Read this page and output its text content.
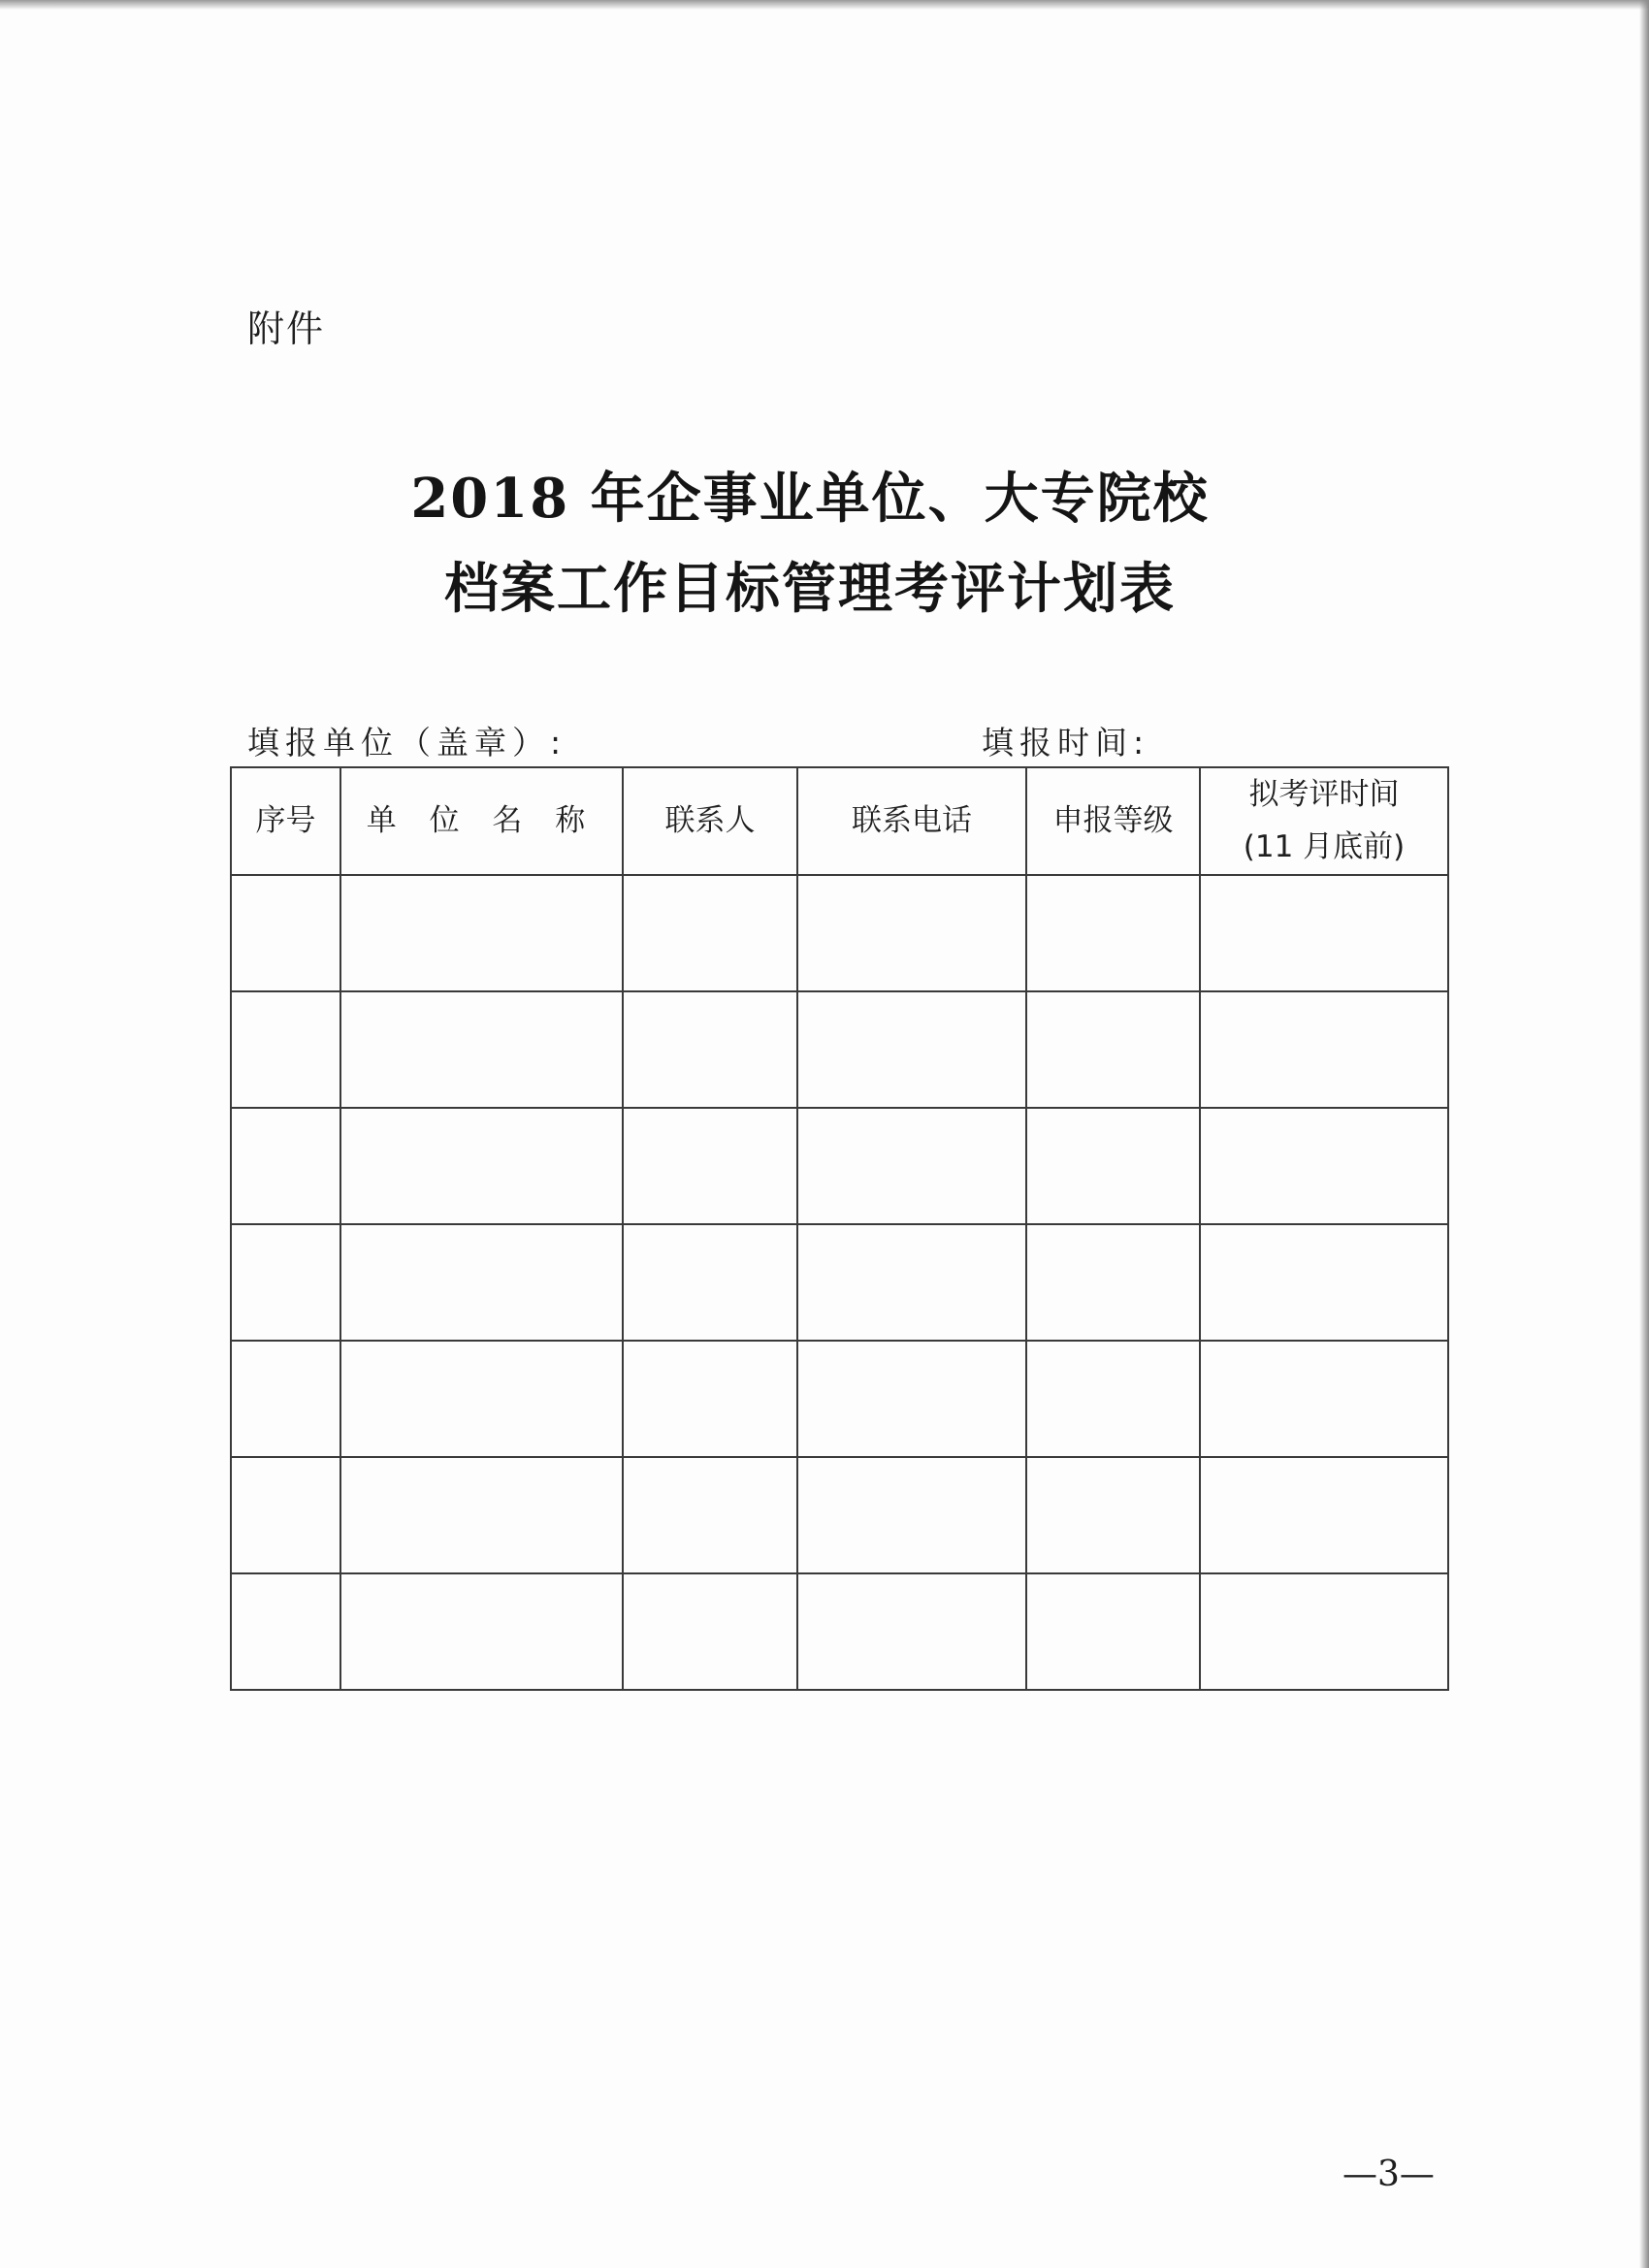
附件
2018 年企事业单位、大专院校
档案工作目标管理考评计划表
填报单位（盖章）:	填报时间:
序号	单 位 名 称	联系人	联系电话	申报等级	拟考评时间
(11 月底前)

—3—
